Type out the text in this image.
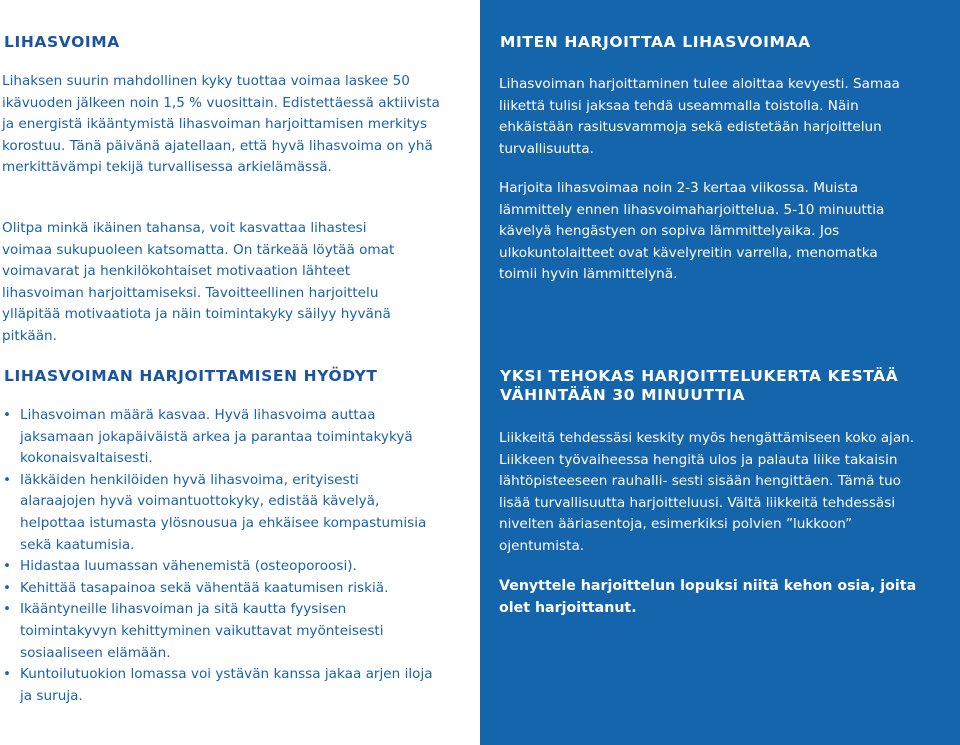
LIHASVOIMA

Lihaksen suurin mahdollinen kyky tuottaa voimaa laskee 50 ikävuoden jälkeen noin 1,5 % vuosittain. Edistettäessä aktiivista ja energistä ikääntymistä lihasvoiman harjoittamisen merkitys korostuu. Tänä päivänä ajatellaan, että hyvä lihasvoima on yhä merkittävämpi tekijä turvallisessa arkielämässä.

Olitpa minkä ikäinen tahansa, voit kasvattaa lihastesi voimaa sukupuoleen katsomatta. On tärkeää löytää omat voimavarat ja henkilökohtaiset motivaation lähteet lihasvoiman harjoittamiseksi. Tavoitteellinen harjoittelu ylläpitää motivaatiota ja näin toimintakyky säilyy hyvänä pitkään.

LIHASVOIMAN HARJOITTAMISEN HYÖDYT
• Lihasvoiman määrä kasvaa. Hyvä lihasvoima auttaa jaksamaan jokapäiväistä arkea ja parantaa toimintakykyä kokonaisvaltaisesti.
• Iäkkäiden henkilöiden hyvä lihasvoima, erityisesti alaraajojen hyvä voimantuottokyky, edistää kävelyä, helpottaa istumasta ylösnousua ja ehkäisee kompastumisia sekä kaatumisia.
• Hidastaa luumassan vähenemistä (osteoporoosi).
• Kehittää tasapainoa sekä vähentää kaatumisen riskiä.
• Ikääntyneille lihasvoiman ja sitä kautta fyysisen toimintakyvyn kehittyminen vaikuttavat myönteisesti sosiaaliseen elämään.
• Kuntoilutuokion lomassa voi ystävän kanssa jakaa arjen iloja ja suruja.
MITEN HARJOITTAA LIHASVOIMAA

Lihasvoiman harjoittaminen tulee aloittaa kevyesti. Samaa liikettä tulisi jaksaa tehdä useammalla toistolla. Näin ehkäistään rasitusvammoja sekä edistetään harjoittelun turvallisuutta.

Harjoita lihasvoimaa noin 2-3 kertaa viikossa. Muista lämmittely ennen lihasvoimaharjoittelua. 5-10 minuuttia kävelyä hengästyen on sopiva lämmittelyaika. Jos ulkokuntolaitteet ovat kävelyreitin varrella, menomatka toimii hyvin lämmittelynä.

YKSI TEHOKAS HARJOITTELUKERTA KESTÄÄ VÄHINTÄÄN 30 MINUUTTIA

Liikkeitä tehdessäsi keskity myös hengättämiseen koko ajan. Liikkeen työvaiheessa hengitä ulos ja palauta liike takaisin lähtöpisteeseen rauhalli- sesti sisään hengittäen. Tämä tuo lisää turvallisuutta harjoitteluusi. Vältä liikkeitä tehdessäsi nivelten ääriasentoja, esimerkiksi polvien ”lukkoon” ojentumista.

Venyttele harjoittelun lopuksi niitä kehon osia, joita olet harjoittanut.
